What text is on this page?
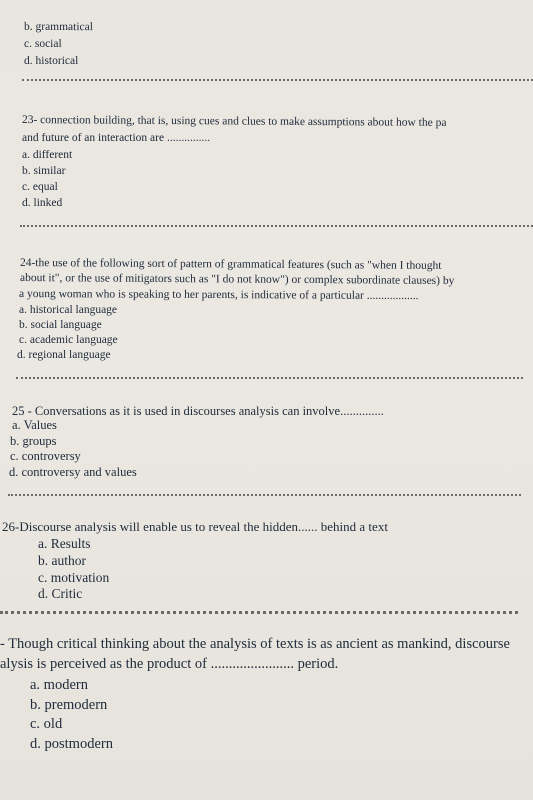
b. grammatical
c. social
d. historical
23- connection building, that is, using cues and clues to make assumptions about how the pa
and future of an interaction are ...............
a. different
b. similar
c. equal
d. linked
24-the use of the following sort of pattern of grammatical features (such as "when I thought
about it", or the use of mitigators such as "I do not know") or complex subordinate clauses) by
a young woman who is speaking to her parents, is indicative of a particular ..................
a. historical language
b. social language
c. academic language
d. regional language
25 - Conversations as it is used in discourses analysis can involve..............
a. Values
b. groups
c. controversy
d. controversy and values
26-Discourse analysis will enable us to reveal the hidden...... behind a text
a. Results
b. author
c. motivation
d. Critic
- Though critical thinking about the analysis of texts is as ancient as mankind, discourse
alysis is perceived as the product of ....................... period.
a. modern
b. premodern
c. old
d. postmodern
